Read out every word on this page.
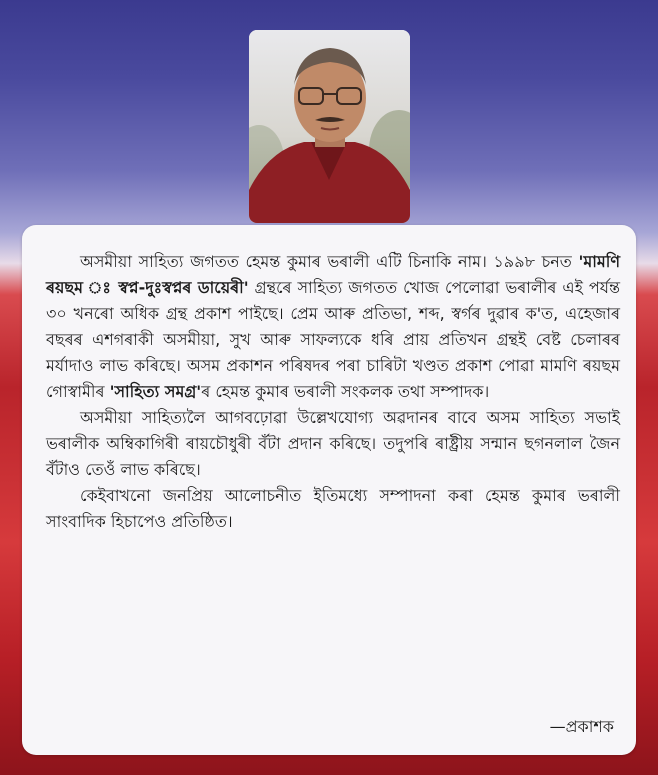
অসমীয়া সাহিত্য জগতত হেমন্ত কুমাৰ ভৰালী এটি চিনাকি নাম। ১৯৯৮ চনত 'মামণি ৰয়ছম ঃ স্বপ্ন-দুঃস্বপ্নৰ ডায়েৰী' গ্ৰন্থৰে সাহিত্য জগতত খোজ পেলোৱা ভৰালীৰ এই পৰ্যন্ত ৩০ খনৰো অধিক গ্ৰন্থ প্ৰকাশ পাইছে। প্ৰেম আৰু প্ৰতিভা, শব্দ, স্বৰ্গৰ দুৱাৰ ক'ত, এহেজাৰ বছৰৰ এশগৰাকী অসমীয়া, সুখ আৰু সাফল্যকে ধৰি প্ৰায় প্ৰতিখন গ্ৰন্থই বেষ্ট চেলাৰৰ মৰ্যাদাও লাভ কৰিছে। অসম প্ৰকাশন পৰিষদৰ পৰা চাৰিটা খণ্ডত প্ৰকাশ পোৱা মামণি ৰয়ছম গোস্বামীৰ 'সাহিত্য সমগ্ৰ'ৰ হেমন্ত কুমাৰ ভৰালী সংকলক তথা সম্পাদক।

অসমীয়া সাহিত্যলৈ আগবঢ়োৱা উল্লেখযোগ্য অৱদানৰ বাবে অসম সাহিত্য সভাই ভৰালীক অম্বিকাগিৰী ৰায়চৌধুৰী বঁটা প্ৰদান কৰিছে। তদুপৰি ৰাষ্ট্ৰীয় সন্মান ছগনলাল জৈন বঁটাও তেওঁ লাভ কৰিছে।

কেইবাখনো জনপ্ৰিয় আলোচনীত ইতিমধ্যে সম্পাদনা কৰা হেমন্ত কুমাৰ ভৰালী সাংবাদিক হিচাপেও প্ৰতিষ্ঠিত।

—প্ৰকাশক
